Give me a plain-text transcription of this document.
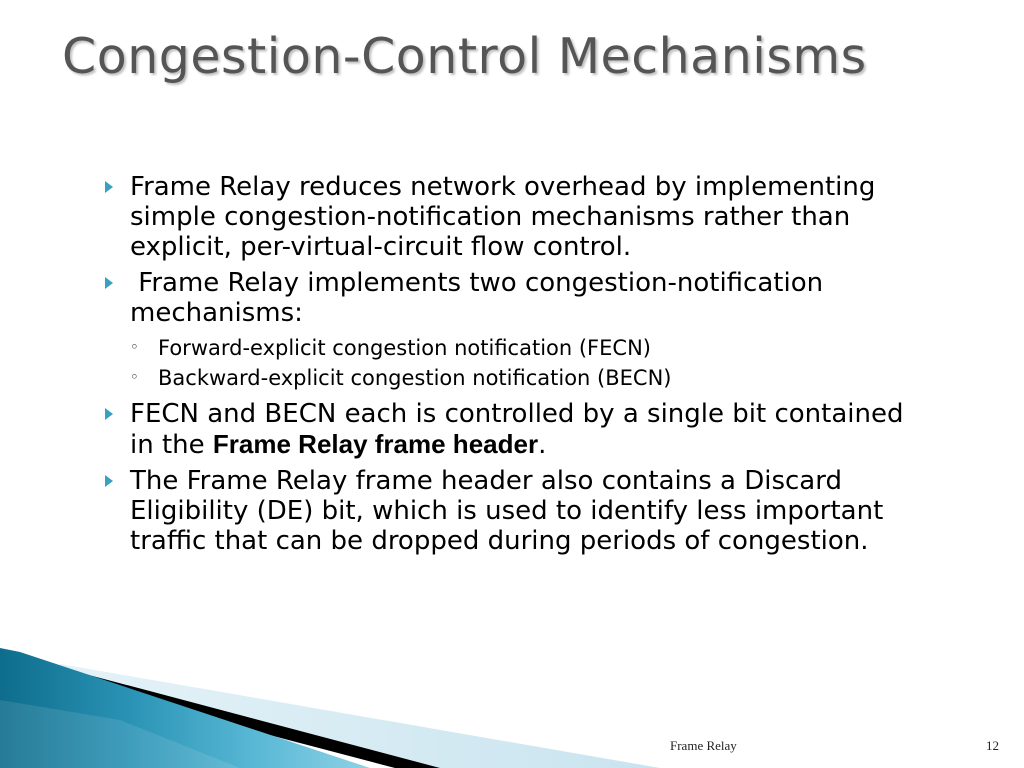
Congestion-Control Mechanisms
Frame Relay reduces network overhead by implementing simple congestion-notification mechanisms rather than explicit, per-virtual-circuit flow control.
Frame Relay implements two congestion-notification mechanisms:
◦ Forward-explicit congestion notification (FECN)
◦ Backward-explicit congestion notification (BECN)
FECN and BECN each is controlled by a single bit contained in the Frame Relay frame header.
The Frame Relay frame header also contains a Discard Eligibility (DE) bit, which is used to identify less important traffic that can be dropped during periods of congestion.
Frame Relay	12
